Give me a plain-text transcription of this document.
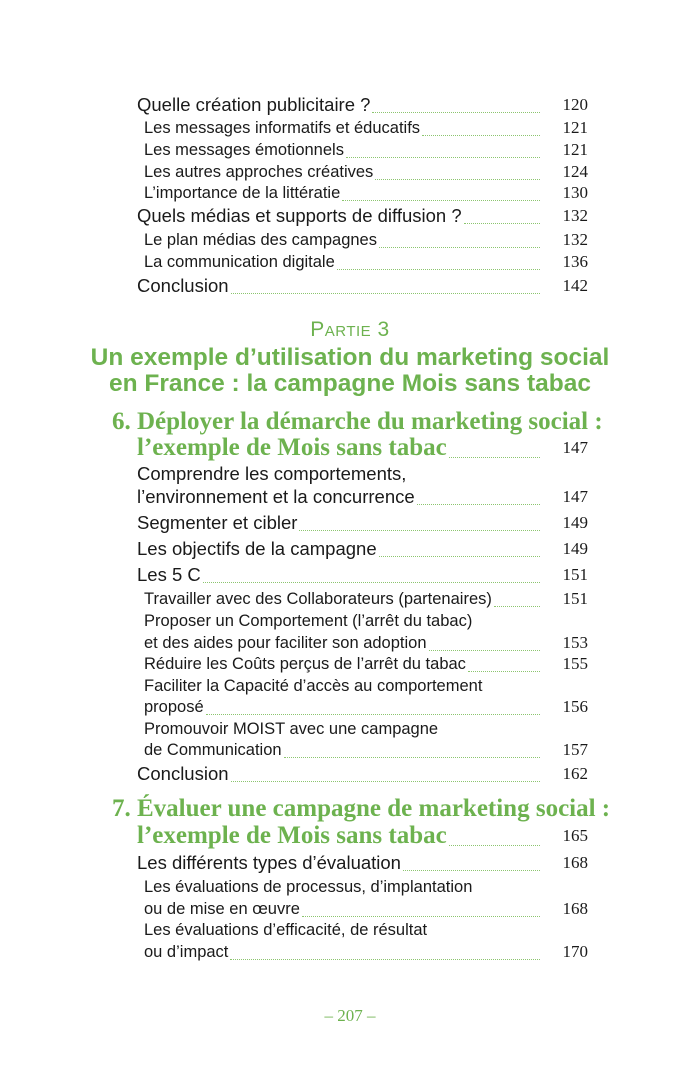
Partie 3
Un exemple d’utilisation du marketing social
en France : la campagne Mois sans tabac
– 207 –
120
Quelle création publicitaire ?
121
Les messages informatifs et éducatifs
121
Les messages émotionnels
124
Les autres approches créatives
130
L’importance de la littératie
132
Quels médias et supports de diffusion ?
132
Le plan médias des campagnes
136
La communication digitale
142
Conclusion
6. Déployer la démarche du marketing social :
147
l’exemple de Mois sans tabac
Comprendre les comportements,
147
l’environnement et la concurrence
149
Segmenter et cibler
149
Les objectifs de la campagne
151
Les 5 C
151
Travailler avec des Collaborateurs (partenaires)
Proposer un Comportement (l’arrêt du tabac)
153
et des aides pour faciliter son adoption
155
Réduire les Coûts perçus de l’arrêt du tabac
Faciliter la Capacité d’accès au comportement
156
proposé
Promouvoir MOIST avec une campagne
157
de Communication
162
Conclusion
7. Évaluer une campagne de marketing social :
165
l’exemple de Mois sans tabac
168
Les différents types d’évaluation
Les évaluations de processus, d’implantation
168
ou de mise en œuvre
Les évaluations d’efficacité, de résultat
170
ou d’impact
